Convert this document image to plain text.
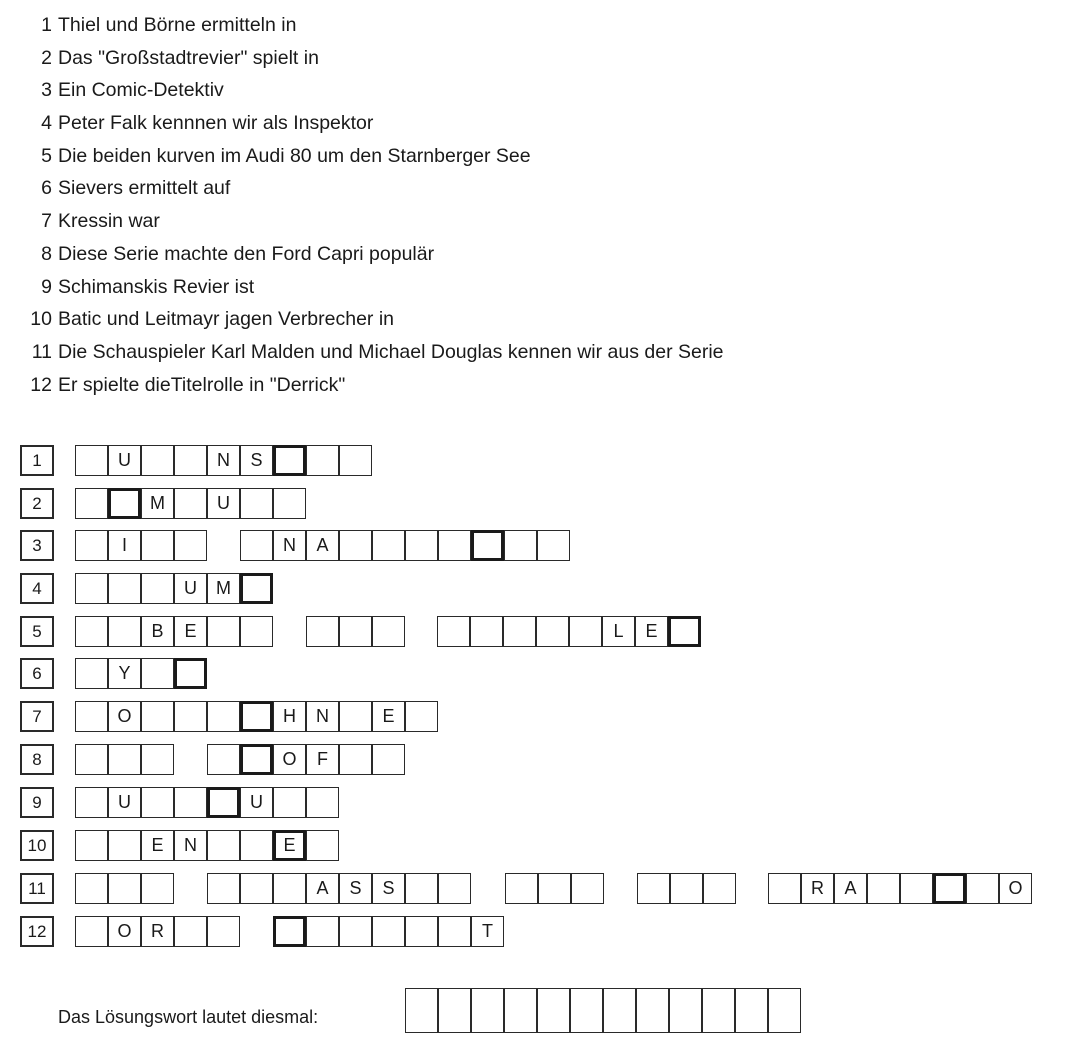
1 Thiel und Börne ermitteln in
2 Das "Großstadtrevier" spielt in
3 Ein Comic-Detektiv
4 Peter Falk kennnen wir als Inspektor
5 Die beiden kurven im Audi 80 um den Starnberger See
6 Sievers ermittelt auf
7 Kressin war
8 Diese Serie machte den Ford Capri populär
9 Schimanskis Revier ist
10 Batic und Leitmayr jagen Verbrecher in
11 Die Schauspieler Karl Malden und Michael Douglas kennen wir aus der Serie
12 Er spielte dieTitelrolle in "Derrick"
1	U	N	S
2	M	U
3	I	N	A
4	U	M
5	B	E	L	E
6	Y
7	O	H	N	E
8	O	F
9	U	U
10	E	N	E
11	A	S	S	R	A	O
12	O	R	T
Das Lösungswort lautet diesmal:
